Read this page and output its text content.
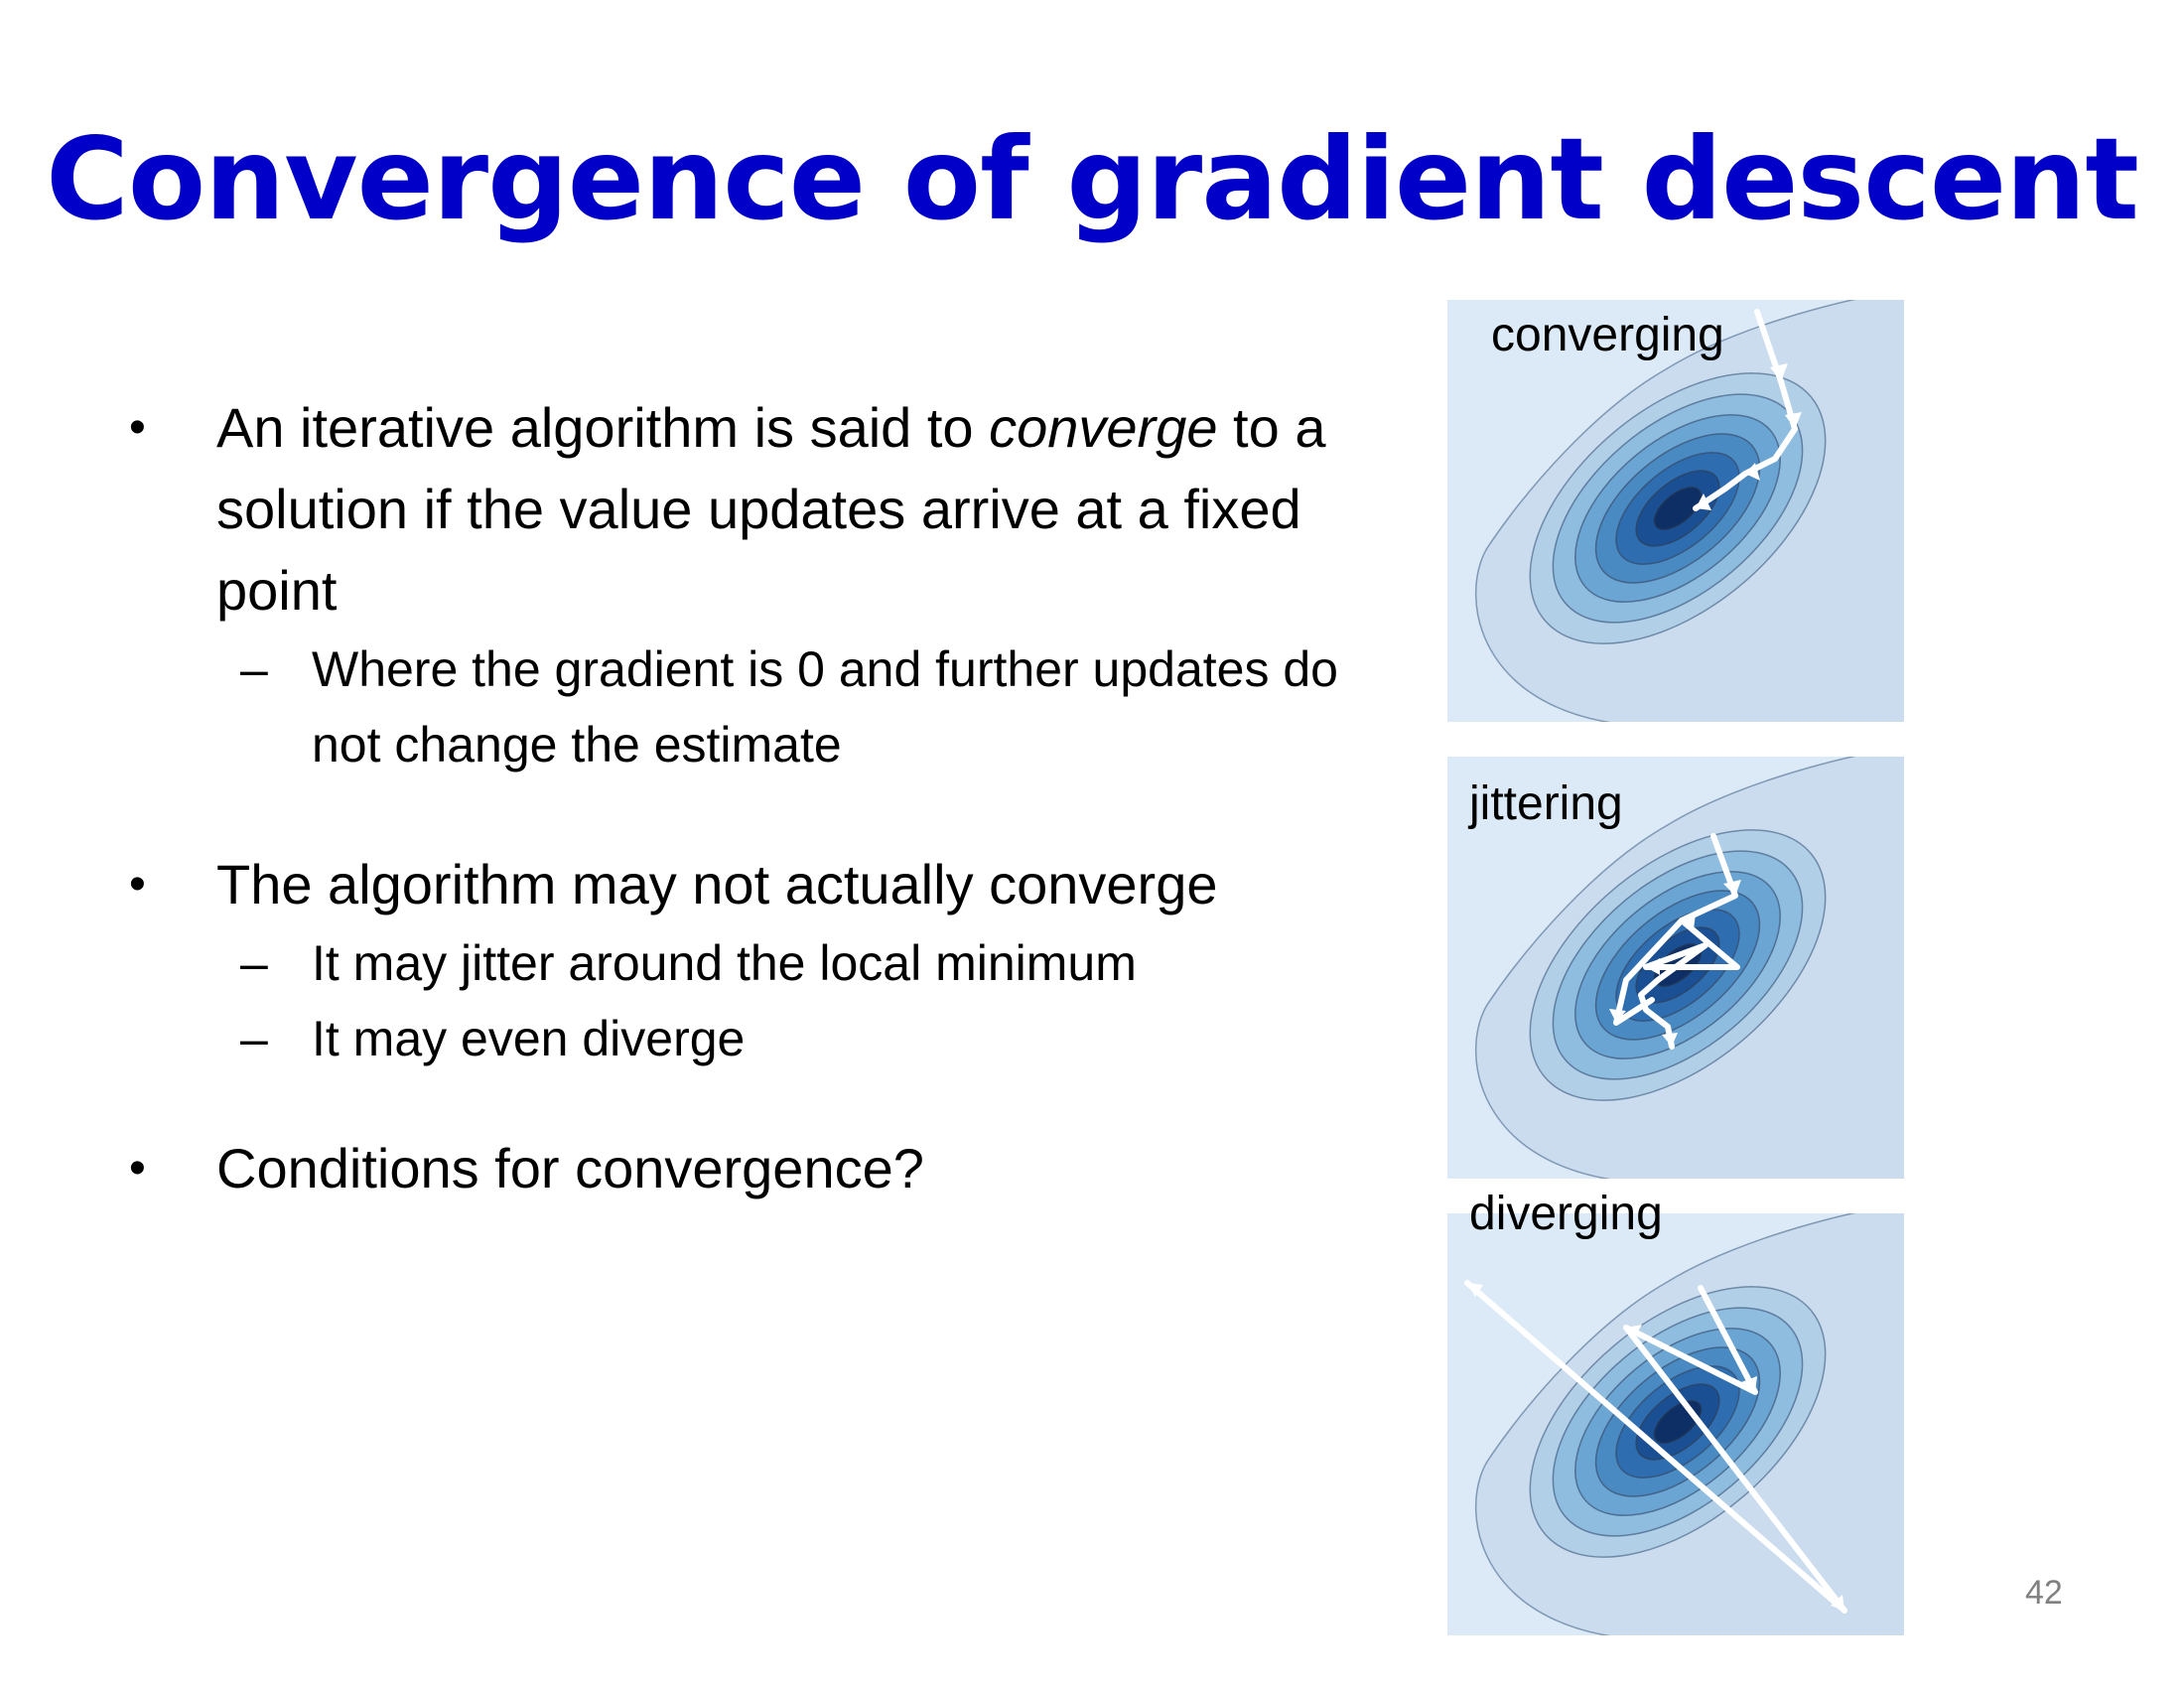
Convergence of gradient descent
• An iterative algorithm is said to converge to a solution if the value updates arrive at a fixed point
– Where the gradient is 0 and further updates do not change the estimate
• The algorithm may not actually converge
– It may jitter around the local minimum
– It may even diverge
• Conditions for convergence?
converging
jittering
diverging
42
